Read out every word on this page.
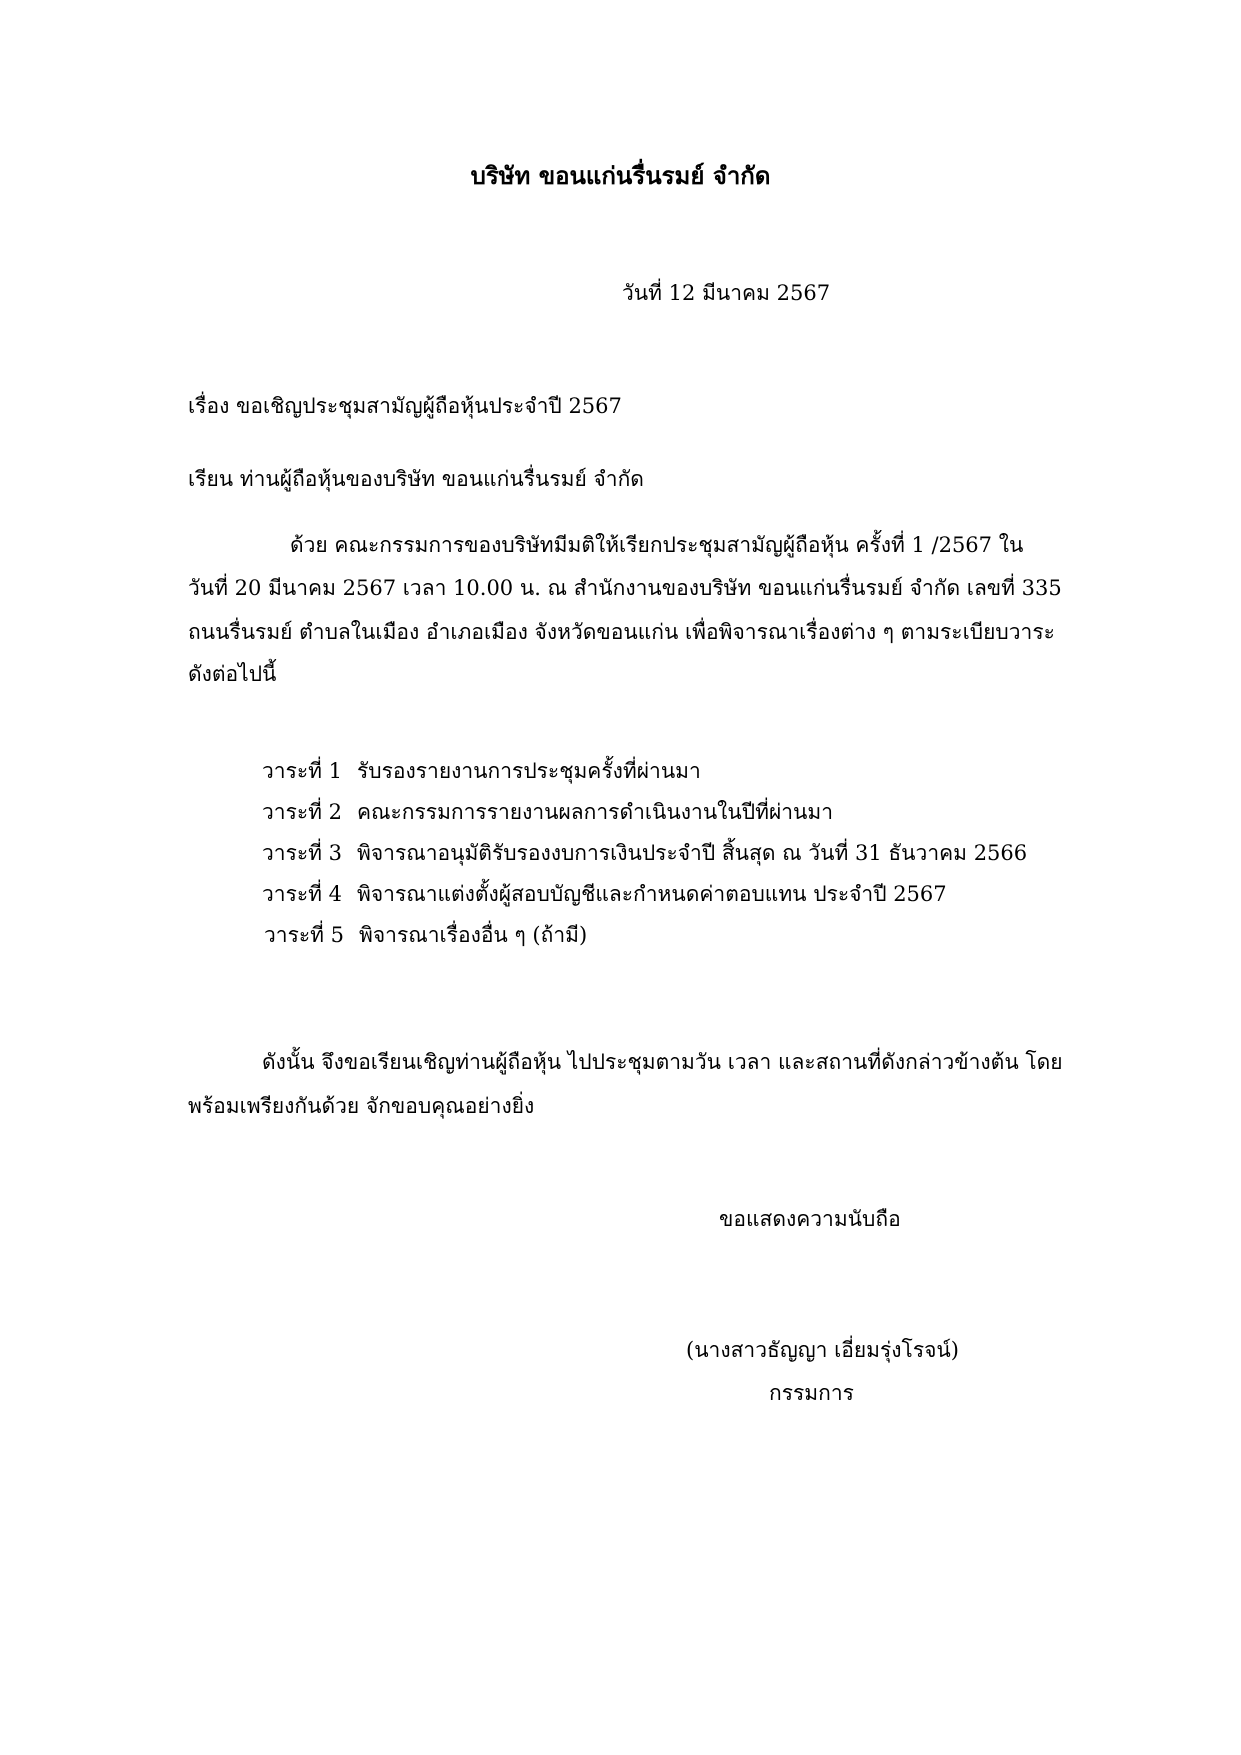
บริษัท ขอนแก่นรื่นรมย์ จำกัด
วันที่ 12 มีนาคม 2567
เรื่อง ขอเชิญประชุมสามัญผู้ถือหุ้นประจำปี 2567
เรียน ท่านผู้ถือหุ้นของบริษัท ขอนแก่นรื่นรมย์ จำกัด
ด้วย คณะกรรมการของบริษัทมีมติให้เรียกประชุมสามัญผู้ถือหุ้น ครั้งที่ 1 /2567 ใน
วันที่ 20 มีนาคม 2567 เวลา 10.00 น. ณ สำนักงานของบริษัท ขอนแก่นรื่นรมย์ จำกัด เลขที่ 335
ถนนรื่นรมย์ ตำบลในเมือง อำเภอเมือง จังหวัดขอนแก่น เพื่อพิจารณาเรื่องต่าง ๆ ตามระเบียบวาระ
ดังต่อไปนี้
วาระที่ 1 รับรองรายงานการประชุมครั้งที่ผ่านมา
วาระที่ 2 คณะกรรมการรายงานผลการดำเนินงานในปีที่ผ่านมา
วาระที่ 3 พิจารณาอนุมัติรับรองงบการเงินประจำปี สิ้นสุด ณ วันที่ 31 ธันวาคม 2566
วาระที่ 4 พิจารณาแต่งตั้งผู้สอบบัญชีและกำหนดค่าตอบแทน ประจำปี 2567
วาระที่ 5 พิจารณาเรื่องอื่น ๆ (ถ้ามี)
ดังนั้น จึงขอเรียนเชิญท่านผู้ถือหุ้น ไปประชุมตามวัน เวลา และสถานที่ดังกล่าวข้างต้น โดย
พร้อมเพรียงกันด้วย จักขอบคุณอย่างยิ่ง
ขอแสดงความนับถือ
(นางสาวธัญญา เอี่ยมรุ่งโรจน์)
กรรมการ
